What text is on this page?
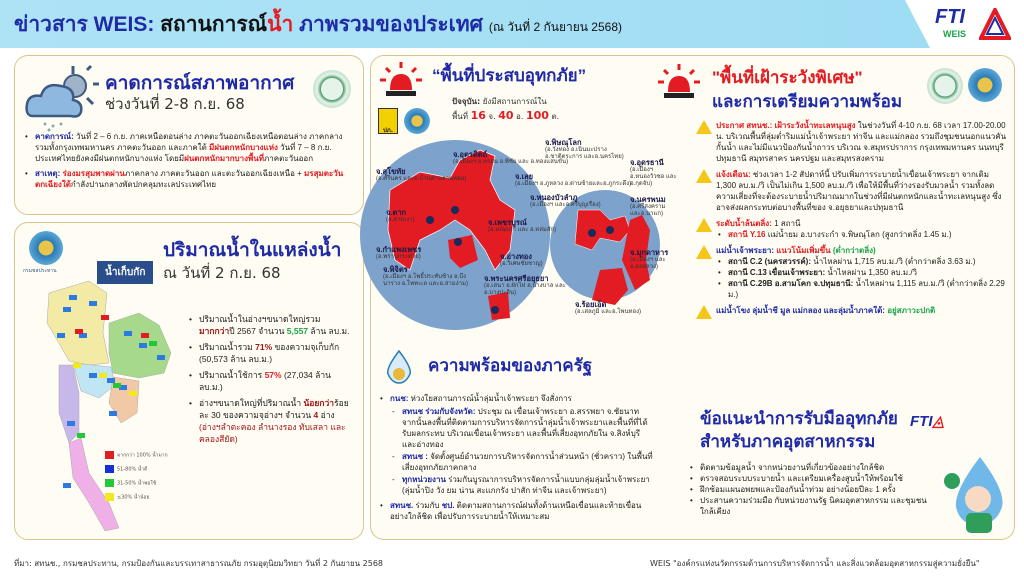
ข่าวสาร WEIS: สถานการณ์น้ำ ภาพรวมของประเทศ (ณ วันที่ 2 กันยายน 2568)	FTI
WEIS
คาดการณ์สภาพอากาศ
ช่วงวันที่ 2-8 ก.ย. 68
• คาดการณ์: วันที่ 2 – 6 ก.ย. ภาคเหนือตอนล่าง ภาคตะวันออกเฉียงเหนือตอนล่าง ภาคกลาง รวมทั้งกรุงเทพมหานคร ภาคตะวันออก และภาคใต้ มีฝนตกหนักบางแห่ง วันที่ 7 – 8 ก.ย. ประเทศไทยยังคงมีฝนตกหนักบางแห่ง โดยมีฝนตกหนักมากบางพื้นที่ภาคตะวันออก
• สาเหตุ: ร่องมรสุมพาดผ่านภาคกลาง ภาคตะวันออก และตะวันออกเฉียงเหนือ + มรสุมตะวันตกเฉียงใต้กำลังปานกลางพัดปกคลุมทะเลประเทศไทย
กรมชลประทาน
ปริมาณน้ำในแหล่งน้ำ
ณ วันที่ 2 ก.ย. 68
น้ำเก็บกัก
มากกว่า 100% น้ำมาก
51-80% น้ำดี
31-50% น้ำพอใช้
≤30% น้ำน้อย
• ปริมาณน้ำในอ่างฯขนาดใหญ่รวม มากกว่าปี 2567 จำนวน 5,557 ล้าน ลบ.ม.
• ปริมาณน้ำรวม 71% ของความจุเก็บกัก (50,573 ล้าน ลบ.ม.)
• ปริมาณน้ำใช้การ 57% (27,034 ล้าน ลบ.ม.)
• อ่างฯขนาดใหญ่ที่ปริมาณน้ำ น้อยกว่าร้อยละ 30 ของความจุอ่างฯ จำนวน 4 อ่าง (อ่างฯลำตะคอง ลำนางรอง ทับเสลา และคลองสียัด)
“พื้นที่ประสบอุทกภัย”
ปภ.
ปัจจุบัน: ยังมีสถานการณ์ใน
พื้นที่ 16 จ. 40 อ. 100 ต.
จ.อุตรดิตถ์
(อ.เมืองฯ อ.ตรอน อ.พิชัย และ อ.ทองแสนขัน)
จ.พิษณุโลก
(อ.วังทอง อ.เนินมะปราง อ.ชาติตระการ และอ.นครไทย)
จ.สุโขทัย
(อ.ศรีนคร และอ.บ้านด่านลานหอย)	จ.เลย
(อ.เมืองฯ อ.ภูหลวง อ.ด่านซ้ายและอ.ภูกระดึง)
จ.หนองบัวลำภู
(อ.เมืองฯ และอ.ศรีบุญเรือง)
จ.ตาก
(อ.สามเงา)	จ.เพชรบูรณ์
(อ.หล่มเก่า และ อ.หล่มสัก)
จ.กำแพงเพชร
(อ.พรานกระต่าย)	จ.อ่างทอง
(อ.วิเศษชัยชาญ)
จ.พิจิตร
(อ.เมืองฯ อ.โพธิ์ประทับช้าง อ.บึงนาราง อ.โพทะเล และอ.สามง่าม)
จ.พระนครศรีอยุธยา
(อ.เสนา อ.ผักไห่ อ.บางบาล และ อ.บางปะอิน)
จ.ร้อยเอ็ด
(อ.เสลภูมิ และอ.โพนทอง)
จ.อุดรธานี
(อ.เมืองฯ อ.หนองวัวซอ และ อ.กุดจับ)
จ.นครพนม
(อ.ศรีสงคราม และอ.นาแก)
จ.มุกดาหาร
(อ.เมืองฯ และ อ.ดงหลวง)
ความพร้อมของภาครัฐ
• กนช: ห่วงใยสถานการณ์น้ำลุ่มน้ำเจ้าพระยา จึงสั่งการ
- สทนช ร่วมกับจังหวัด: ประชุม ณ เขื่อนเจ้าพระยา อ.สรรพยา จ.ชัยนาท จากนั้นลงพื้นที่ติดตามการบริหารจัดการน้ำลุ่มน้ำเจ้าพระยาและพื้นที่ที่ได้รับผลกระทบ บริเวณเขื่อนเจ้าพระยา และพื้นที่เสี่ยงอุทกภัยใน จ.สิงห์บุรี และอ่างทอง
- สทนช : จัดตั้งศูนย์อำนวยการบริหารจัดการน้ำส่วนหน้า (ชั่วคราว) ในพื้นที่เสี่ยงอุทกภัยภาคกลาง
- ทุกหน่วยงาน ร่วมกันบูรณาการบริหารจัดการน้ำแบบกลุ่มลุ่มน้ำเจ้าพระยา (ลุ่มน้ำปิง วัง ยม น่าน สะแกกรัง ปาสัก ท่าจีน และเจ้าพระยา)
• สทนช. ร่วมกับ ชป. ติดตามสถานการณ์ฝนทั้งด้านเหนือเขื่อนและท้ายเขื่อนอย่างใกล้ชิด เพื่อปรับการระบายน้ำให้เหมาะสม
"พื้นที่เฝ้าระวังพิเศษ"
และการเตรียมความพร้อม
ประกาศ สทนช.: เฝ้าระวังน้ำทะเลหนุนสูง ในช่วงวันที่ 4-10 ก.ย. 68 เวลา 17.00-20.00 น. บริเวณพื้นที่ลุ่มต่ำริมแม่น้ำเจ้าพระยา ท่าจีน และแม่กลอง รวมถึงชุมชนนอกแนวคันกั้นน้ำ และไม่มีแนวป้องกันน้ำถาวร บริเวณ จ.สมุทรปราการ กรุงเทพมหานคร นนทบุรี ปทุมธานี สมุทรสาคร นครปฐม และสมุทรสงคราม
แจ้งเตือน: ช่วงเวลา 1-2 สัปดาห์นี้ ปรับเพิ่มการระบายน้ำเขื่อนเจ้าพระยา จากเดิม 1,300 ลบ.ม./วิ เป็นไม่เกิน 1,500 ลบ.ม./วิ เพื่อให้มีพื้นที่ว่างรองรับมวลน้ำ รวมทั้งลดความเสี่ยงที่จะต้องระบายน้ำปริมาณมากในช่วงที่มีฝนตกหนักและน้ำทะเลหนุนสูง ซึ่งอาจส่งผลกระทบต่อบางพื้นที่ของ จ.อยุธยาและปทุมธานี
ระดับน้ำล้นตลิ่ง: 1 สถานี
• สถานี Y.16 แม่น้ำยม อ.บางระกำ จ.พิษณุโลก (สูงกว่าตลิ่ง 1.45 ม.)
แม่น้ำเจ้าพระยา: แนวโน้มเพิ่มขึ้น (ต่ำกว่าตลิ่ง)
• สถานี C.2 (นครสวรรค์): น้ำไหลผ่าน 1,715 ลบ.ม./วิ (ต่ำกว่าตลิ่ง 3.63 ม.)
• สถานี C.13 เขื่อนเจ้าพระยา: น้ำไหลผ่าน 1,350 ลบ.ม./วิ
• สถานี C.29B อ.สามโคก จ.ปทุมธานี: น้ำไหลผ่าน 1,115 ลบ.ม./วิ (ต่ำกว่าตลิ่ง 2.29 ม.)
แม่น้ำโขง ลุ่มน้ำชี มูล แม่กลอง และลุ่มน้ำภาคใต้: อยู่สภาวะปกติ
ข้อแนะนำการรับมืออุทกภัย
สำหรับภาคอุตสาหกรรม
FTI◬
• ติดตามข้อมูลน้ำ จากหน่วยงานที่เกี่ยวข้องอย่างใกล้ชิด
• ตรวจสอบระบบระบายน้ำ และเตรียมเครื่องสูบน้ำให้พร้อมใช้
• ฝึกซ้อมแผนอพยพและป้องกันน้ำท่วม อย่างน้อยปีละ 1 ครั้ง
• ประสานความร่วมมือ กับหน่วยงานรัฐ นิคมอุตสาหกรรม และชุมชนใกล้เคียง
ที่มา: สทนช., กรมชลประทาน, กรมป้องกันและบรรเทาสาธารณภัย กรมอุตุนิยมวิทยา วันที่ 2 กันยายน 2568	WEIS "องค์กรแห่งนวัตกรรมด้านการบริหารจัดการน้ำ และสิ่งแวดล้อมอุตสาหกรรมสู่ความยั่งยืน"
